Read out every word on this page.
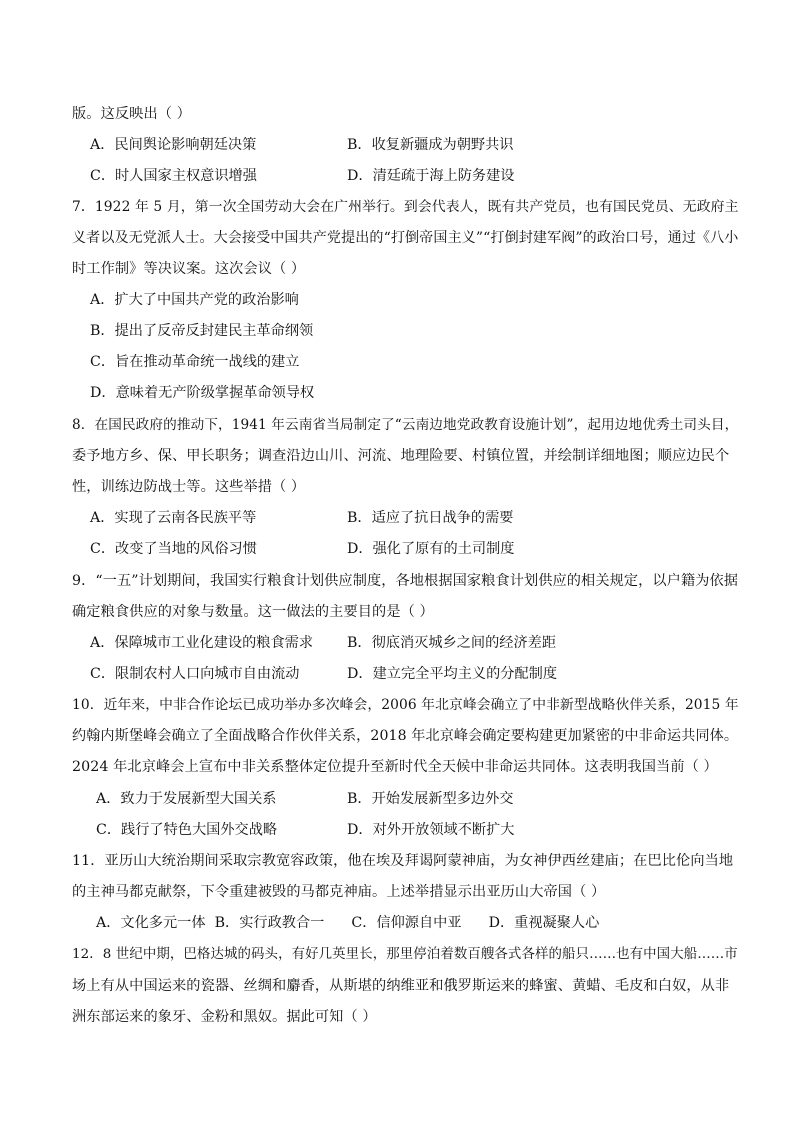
版。这反映出（ ）
A．民间舆论影响朝廷决策	B．收复新疆成为朝野共识
C．时人国家主权意识增强	D．清廷疏于海上防务建设
7．1922 年 5 月，第一次全国劳动大会在广州举行。到会代表人，既有共产党员，也有国民党员、无政府主
义者以及无党派人士。大会接受中国共产党提出的“打倒帝国主义”“打倒封建军阀”的政治口号，通过《八小
时工作制》等决议案。这次会议（ ）
A．扩大了中国共产党的政治影响
B．提出了反帝反封建民主革命纲领
C．旨在推动革命统一战线的建立
D．意味着无产阶级掌握革命领导权
8．在国民政府的推动下，1941 年云南省当局制定了“云南边地党政教育设施计划”，起用边地优秀土司头目，
委予地方乡、保、甲长职务；调查沿边山川、河流、地理险要、村镇位置，并绘制详细地图；顺应边民个
性，训练边防战士等。这些举措（ ）
A．实现了云南各民族平等	B．适应了抗日战争的需要
C．改变了当地的风俗习惯	D．强化了原有的土司制度
9．“一五”计划期间，我国实行粮食计划供应制度，各地根据国家粮食计划供应的相关规定，以户籍为依据
确定粮食供应的对象与数量。这一做法的主要目的是（ ）
A．保障城市工业化建设的粮食需求 B．彻底消灭城乡之间的经济差距
C．限制农村人口向城市自由流动	D．建立完全平均主义的分配制度
10．近年来，中非合作论坛已成功举办多次峰会，2006 年北京峰会确立了中非新型战略伙伴关系，2015 年
约翰内斯堡峰会确立了全面战略合作伙伴关系，2018 年北京峰会确定要构建更加紧密的中非命运共同体。
2024 年北京峰会上宣布中非关系整体定位提升至新时代全天候中非命运共同体。这表明我国当前（ ）
A．致力于发展新型大国关系	B．开始发展新型多边外交
C．践行了特色大国外交战略	D．对外开放领域不断扩大
11．亚历山大统治期间采取宗教宽容政策，他在埃及拜谒阿蒙神庙，为女神伊西丝建庙；在巴比伦向当地
的主神马都克献祭，下令重建被毁的马都克神庙。上述举措显示出亚历山大帝国（ ）
A．文化多元一体  B．实行政教合一      C．信仰源自中亚      D．重视凝聚人心
12．8 世纪中期，巴格达城的码头，有好几英里长，那里停泊着数百艘各式各样的船只……也有中国大船……市
场上有从中国运来的瓷器、丝绸和麝香，从斯堪的纳维亚和俄罗斯运来的蜂蜜、黄蜡、毛皮和白奴，从非
洲东部运来的象牙、金粉和黑奴。据此可知（ ）
